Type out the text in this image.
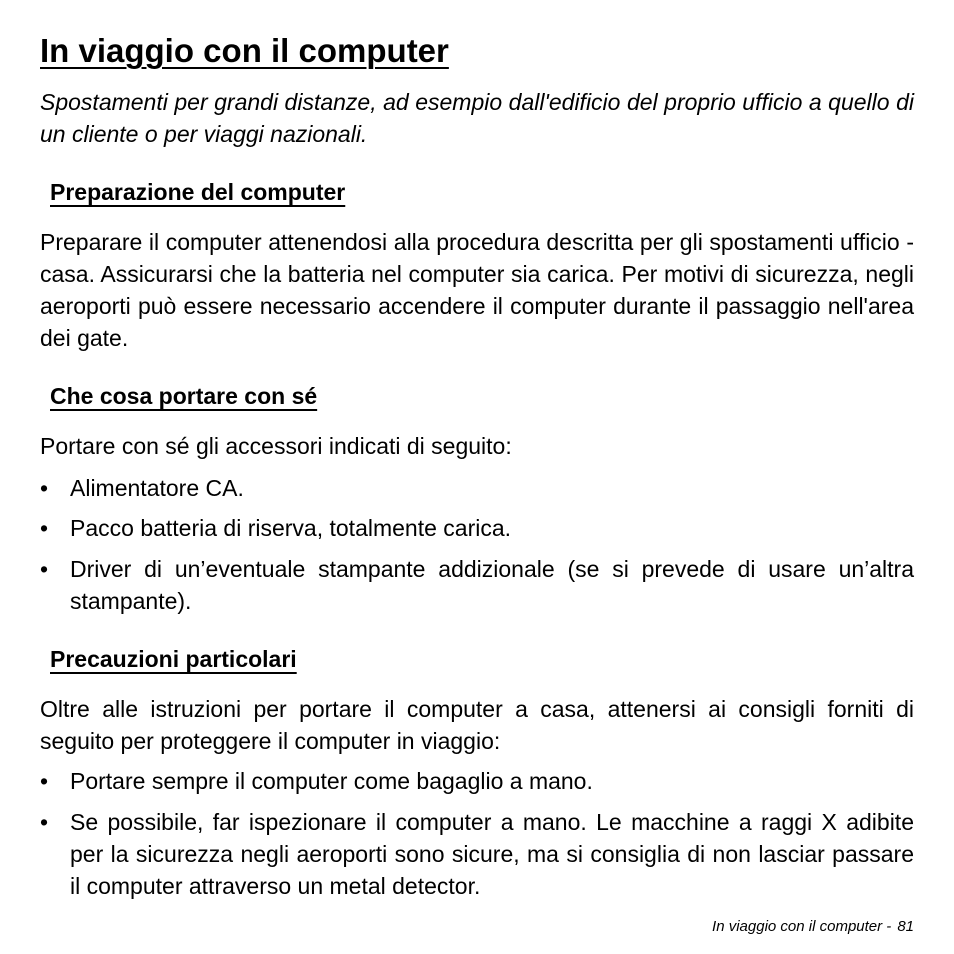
In viaggio con il computer

Spostamenti per grandi distanze, ad esempio dall'edificio del proprio ufficio a quello di un cliente o per viaggi nazionali.

Preparazione del computer

Preparare il computer attenendosi alla procedura descritta per gli spostamenti ufficio - casa. Assicurarsi che la batteria nel computer sia carica. Per motivi di sicurezza, negli aeroporti può essere necessario accendere il computer durante il passaggio nell'area dei gate.

Che cosa portare con sé

Portare con sé gli accessori indicati di seguito:

• Alimentatore CA.
• Pacco batteria di riserva, totalmente carica.
• Driver di un’eventuale stampante addizionale (se si prevede di usare un’altra stampante).
Precauzioni particolari

Oltre alle istruzioni per portare il computer a casa, attenersi ai consigli forniti di seguito per proteggere il computer in viaggio:

• Portare sempre il computer come bagaglio a mano.
• Se possibile, far ispezionare il computer a mano. Le macchine a raggi X adibite per la sicurezza negli aeroporti sono sicure, ma si consiglia di non lasciar passare il computer attraverso un metal detector.
In viaggio con il computer - 81
